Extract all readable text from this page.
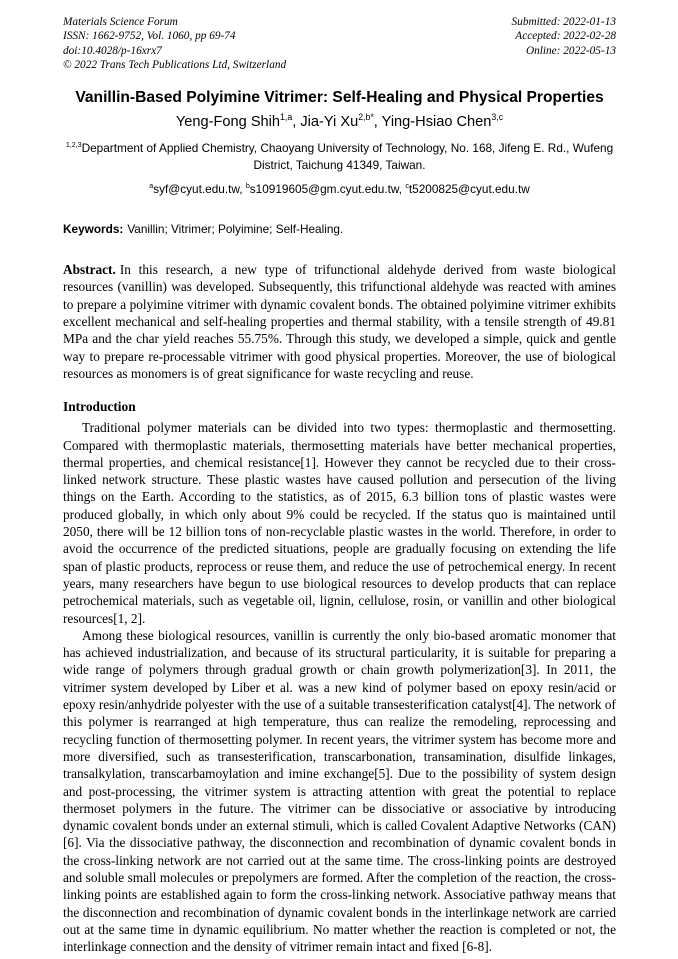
Materials Science Forum
ISSN: 1662-9752, Vol. 1060, pp 69-74
doi:10.4028/p-16xrx7
© 2022 Trans Tech Publications Ltd, Switzerland
Submitted: 2022-01-13
Accepted: 2022-02-28
Online: 2022-05-13
Vanillin-Based Polyimine Vitrimer: Self-Healing and Physical Properties
Yeng-Fong Shih$^{1,a}$, Jia-Yi $Xu^{2,b*}$, Ying-Hsiao Chen$^{3,c}$
$^{1,2,3}$Department of Applied Chemistry, Chaoyang University of Technology, No. 168, Jifeng E. Rd., Wufeng District, Taichung 41349, Taiwan.
$^a$syf@cyut.edu.tw, $^b$s10919605@gm.cyut.edu.tw, $^c$t5200825@cyut.edu.tw
Keywords: Vanillin; Vitrimer; Polyimine; Self-Healing.
Abstract. In this research, a new type of trifunctional aldehyde derived from waste biological resources (vanillin) was developed. Subsequently, this trifunctional aldehyde was reacted with amines to prepare a polyimine vitrimer with dynamic covalent bonds. The obtained polyimine vitrimer exhibits excellent mechanical and self-healing properties and thermal stability, with a tensile strength of 49.81 MPa and the char yield reaches 55.75%. Through this study, we developed a simple, quick and gentle way to prepare re-processable vitrimer with good physical properties. Moreover, the use of biological resources as monomers is of great significance for waste recycling and reuse.
Introduction

Traditional polymer materials can be divided into two types: thermoplastic and thermosetting. Compared with thermoplastic materials, thermosetting materials have better mechanical properties, thermal properties, and chemical resistance[1]. However they cannot be recycled due to their cross-linked network structure. These plastic wastes have caused pollution and persecution of the living things on the Earth. According to the statistics, as of 2015, 6.3 billion tons of plastic wastes were produced globally, in which only about 9% could be recycled. If the status quo is maintained until 2050, there will be 12 billion tons of non-recyclable plastic wastes in the world. Therefore, in order to avoid the occurrence of the predicted situations, people are gradually focusing on extending the life span of plastic products, reprocess or reuse them, and reduce the use of petrochemical energy. In recent years, many researchers have begun to use biological resources to develop products that can replace petrochemical materials, such as vegetable oil, lignin, cellulose, rosin, or vanillin and other biological resources[1, 2].

Among these biological resources, vanillin is currently the only bio-based aromatic monomer that has achieved industrialization, and because of its structural particularity, it is suitable for preparing a wide range of polymers through gradual growth or chain growth polymerization[3]. In 2011, the vitrimer system developed by Liber et al. was a new kind of polymer based on epoxy resin/acid or epoxy resin/anhydride polyester with the use of a suitable transesterification catalyst[4]. The network of this polymer is rearranged at high temperature, thus can realize the remodeling, reprocessing and recycling function of thermosetting polymer. In recent years, the vitrimer system has become more and more diversified, such as transesterification, transcarbonation, transamination, disulfide linkages, transalkylation, transcarbamoylation and imine exchange[5]. Due to the possibility of system design and post-processing, the vitrimer system is attracting attention with great the potential to replace thermoset polymers in the future. The vitrimer can be dissociative or associative by introducing dynamic covalent bonds under an external stimuli, which is called Covalent Adaptive Networks (CAN)[6]. Via the dissociative pathway, the disconnection and recombination of dynamic covalent bonds in the cross-linking network are not carried out at the same time. The cross-linking points are destroyed and soluble small molecules or prepolymers are formed. After the completion of the reaction, the cross-linking points are established again to form the cross-linking network. Associative pathway means that the disconnection and recombination of dynamic covalent bonds in the interlinkage network are carried out at the same time in dynamic equilibrium. No matter whether the reaction is completed or not, the interlinkage connection and the density of vitrimer remain intact and fixed [6-8].
